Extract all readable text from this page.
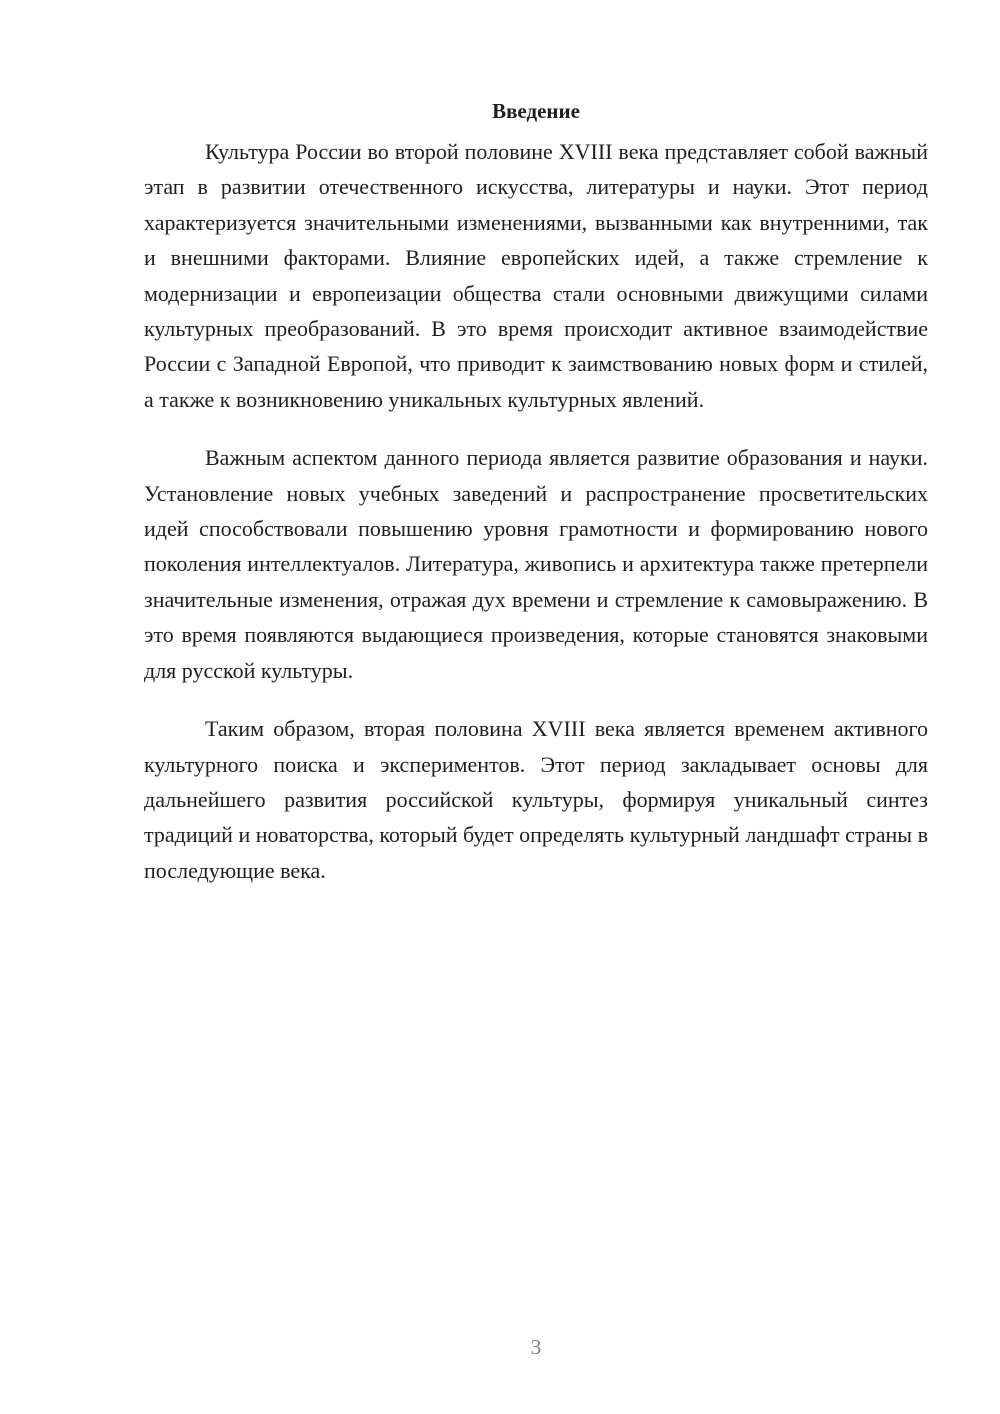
Введение

Культура России во второй половине XVIII века представляет собой важный этап в развитии отечественного искусства, литературы и науки. Этот период характеризуется значительными изменениями, вызванными как внутренними, так и внешними факторами. Влияние европейских идей, а также стремление к модернизации и европеизации общества стали основными движущими силами культурных преобразований. В это время происходит активное взаимодействие России с Западной Европой, что приводит к заимствованию новых форм и стилей, а также к возникновению уникальных культурных явлений.

Важным аспектом данного периода является развитие образования и науки. Установление новых учебных заведений и распространение просветительских идей способствовали повышению уровня грамотности и формированию нового поколения интеллектуалов. Литература, живопись и архитектура также претерпели значительные изменения, отражая дух времени и стремление к самовыражению. В это время появляются выдающиеся произведения, которые становятся знаковыми для русской культуры.

Таким образом, вторая половина XVIII века является временем активного культурного поиска и экспериментов. Этот период закладывает основы для дальнейшего развития российской культуры, формируя уникальный синтез традиций и новаторства, который будет определять культурный ландшафт страны в последующие века.

3
